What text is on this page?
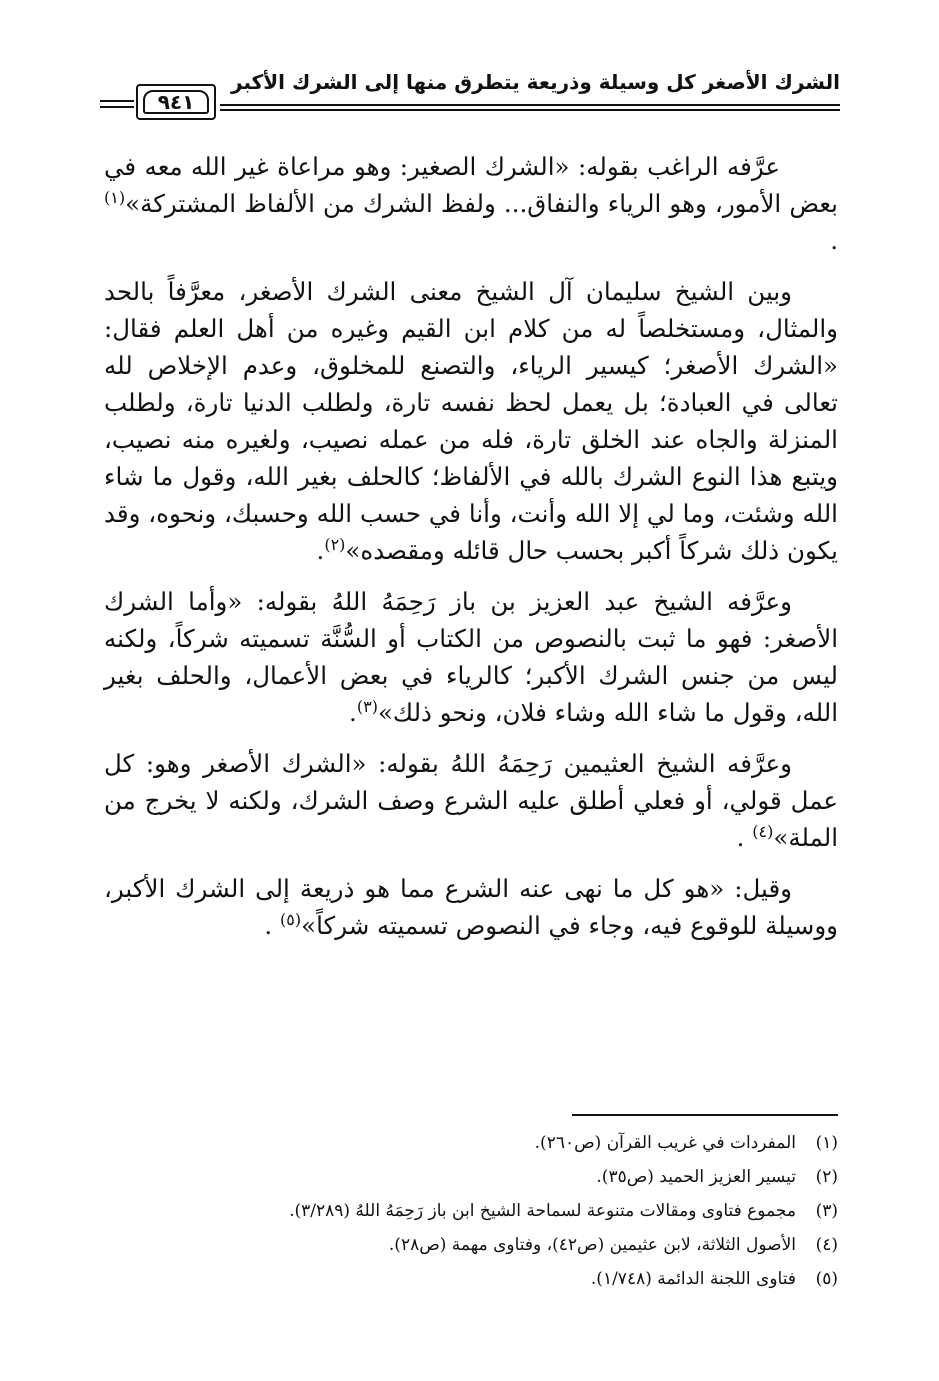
الشرك الأصغر كل وسيلة وذريعة يتطرق منها إلى الشرك الأكبر
٩٤١

عرَّفه الراغب بقوله: «الشرك الصغير: وهو مراعاة غير الله معه في بعض الأمور، وهو الرياء والنفاق... ولفظ الشرك من الألفاظ المشتركة»$^{(١)}$ .

وبين الشيخ سليمان آل الشيخ معنى الشرك الأصغر، معرَّفاً بالحد والمثال، ومستخلصاً له من كلام ابن القيم وغيره من أهل العلم فقال: «الشرك الأصغر؛ كيسير الرياء، والتصنع للمخلوق، وعدم الإخلاص لله تعالى في العبادة؛ بل يعمل لحظ نفسه تارة، ولطلب الدنيا تارة، ولطلب المنزلة والجاه عند الخلق تارة، فله من عمله نصيب، ولغيره منه نصيب، ويتبع هذا النوع الشرك بالله في الألفاظ؛ كالحلف بغير الله، وقول ما شاء الله وشئت، وما لي إلا الله وأنت، وأنا في حسب الله وحسبك، ونحوه، وقد يكون ذلك شركاً أكبر بحسب حال قائله ومقصده»$^{(٢)}$.

وعرَّفه الشيخ عبد العزيز بن باز رَحِمَهُ اللهُ بقوله: «وأما الشرك الأصغر: فهو ما ثبت بالنصوص من الكتاب أو السُّنَّة تسميته شركاً، ولكنه ليس من جنس الشرك الأكبر؛ كالرياء في بعض الأعمال، والحلف بغير الله، وقول ما شاء الله وشاء فلان، ونحو ذلك»$^{(٣)}$.

وعرَّفه الشيخ العثيمين رَحِمَهُ اللهُ بقوله: «الشرك الأصغر وهو: كل عمل قولي، أو فعلي أطلق عليه الشرع وصف الشرك، ولكنه لا يخرج من الملة»$^{(٤)}$ .

وقيل: «هو كل ما نهى عنه الشرع مما هو ذريعة إلى الشرك الأكبر، ووسيلة للوقوع فيه، وجاء في النصوص تسميته شركاً»$^{(٥)}$ .

(١)المفردات في غريب القرآن (ص٢٦٠).
(٢)تيسير العزيز الحميد (ص٣٥).
(٣)مجموع فتاوى ومقالات متنوعة لسماحة الشيخ ابن باز رَحِمَهُ اللهُ (٣/٢٨٩).
(٤)الأصول الثلاثة، لابن عثيمين (ص٤٢)، وفتاوى مهمة (ص٢٨).
(٥)فتاوى اللجنة الدائمة (١/٧٤٨).
